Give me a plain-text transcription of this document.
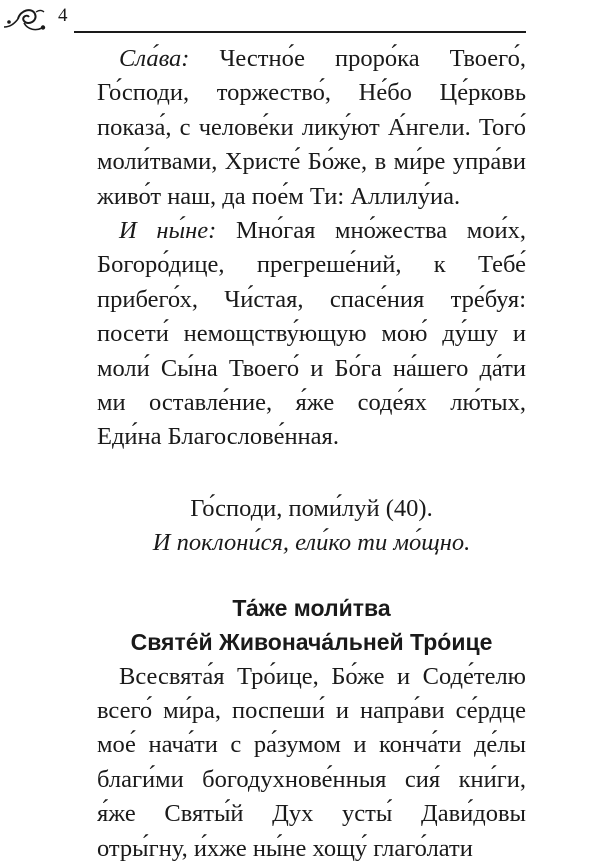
4

Сла́ва: Честно́е проро́ка Твоего́, Го́споди, торжество́, Не́бо Це́рковь показа́, с челове́ки лику́ют А́нгели. Того́ моли́твами, Христе́ Бо́же, в ми́ре упра́ви живо́т наш, да пое́м Ти: Аллилу́иа.

И ны́не: Мно́гая мно́жества мои́х, Богоро́дице, прегреше́ний, к Тебе́ прибего́х, Чи́стая, спасе́ния тре́буя: посети́ немощству́ющую мою́ ду́шу и моли́ Сы́на Твоего́ и Бо́га на́шего да́ти ми оставле́ние, я́же соде́ях лю́тых, Еди́на Благослове́нная.

Го́споди, поми́луй (40).

И поклони́ся, ели́ко ти мо́щно.

Та́же моли́тва

Святе́й Живонача́льней Тро́ице

Всесвята́я Тро́ице, Бо́же и Соде́телю всего́ ми́ра, поспеши́ и напра́ви се́рдце мое́ нача́ти с ра́зумом и конча́ти де́лы благи́ми богодухнове́нныя сия́ кни́ги, я́же Святы́й Дух усты́ Дави́довы отры́гну, и́хже ны́не хощу́ глаго́лати
